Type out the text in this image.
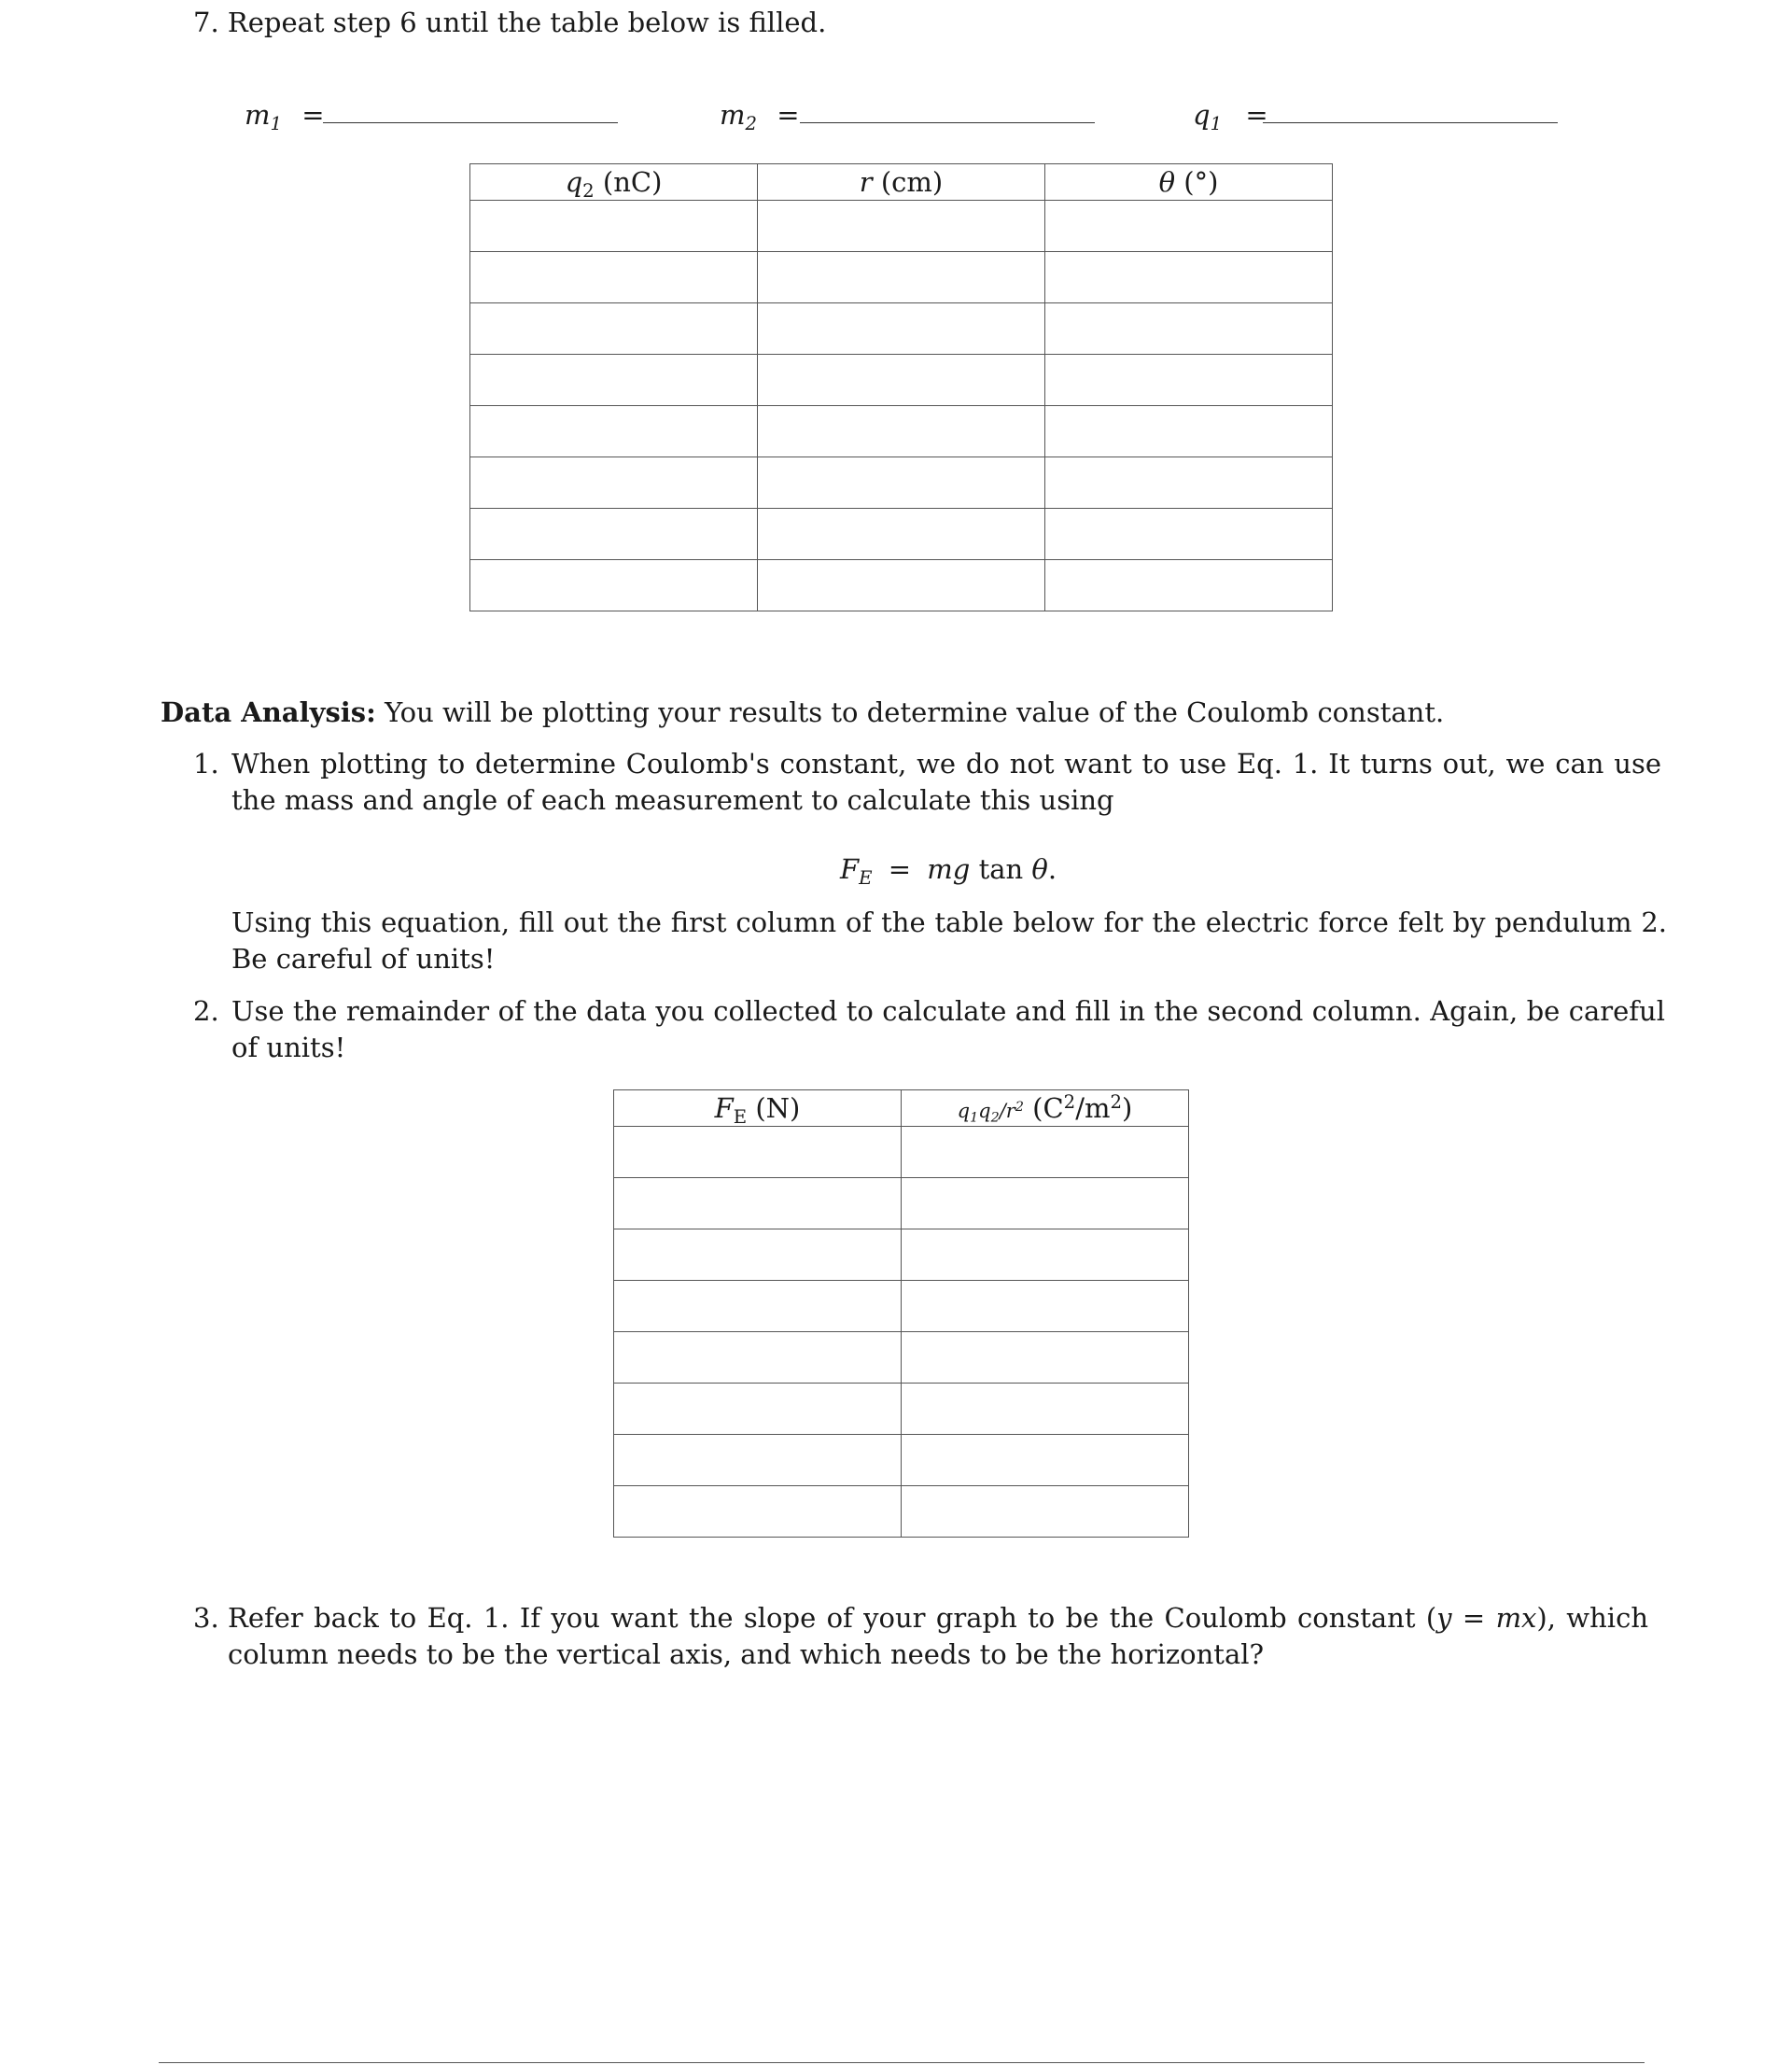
7. Repeat step 6 until the table below is filled.
$m_1$ =	$m_2$ =	$q_1$ =
$q_2$ (nC)	r (cm)	θ (°)

Data Analysis: You will be plotting your results to determine value of the Coulomb constant.
1. When plotting to determine Coulomb's constant, we do not want to use Eq. 1. It turns out, we can use the mass and angle of each measurement to calculate this using
$F_E$ = mg tan θ.
Using this equation, fill out the first column of the table below for the electric force felt by pendulum 2. Be careful of units!
2. Use the remainder of the data you collected to calculate and fill in the second column. Again, be careful of units!
$F_E$ (N)	$q_1q_2/r^2$ $(C^2/m^2)$

3. Refer back to Eq. 1. If you want the slope of your graph to be the Coulomb constant (y = mx), which column needs to be the vertical axis, and which needs to be the horizontal?
